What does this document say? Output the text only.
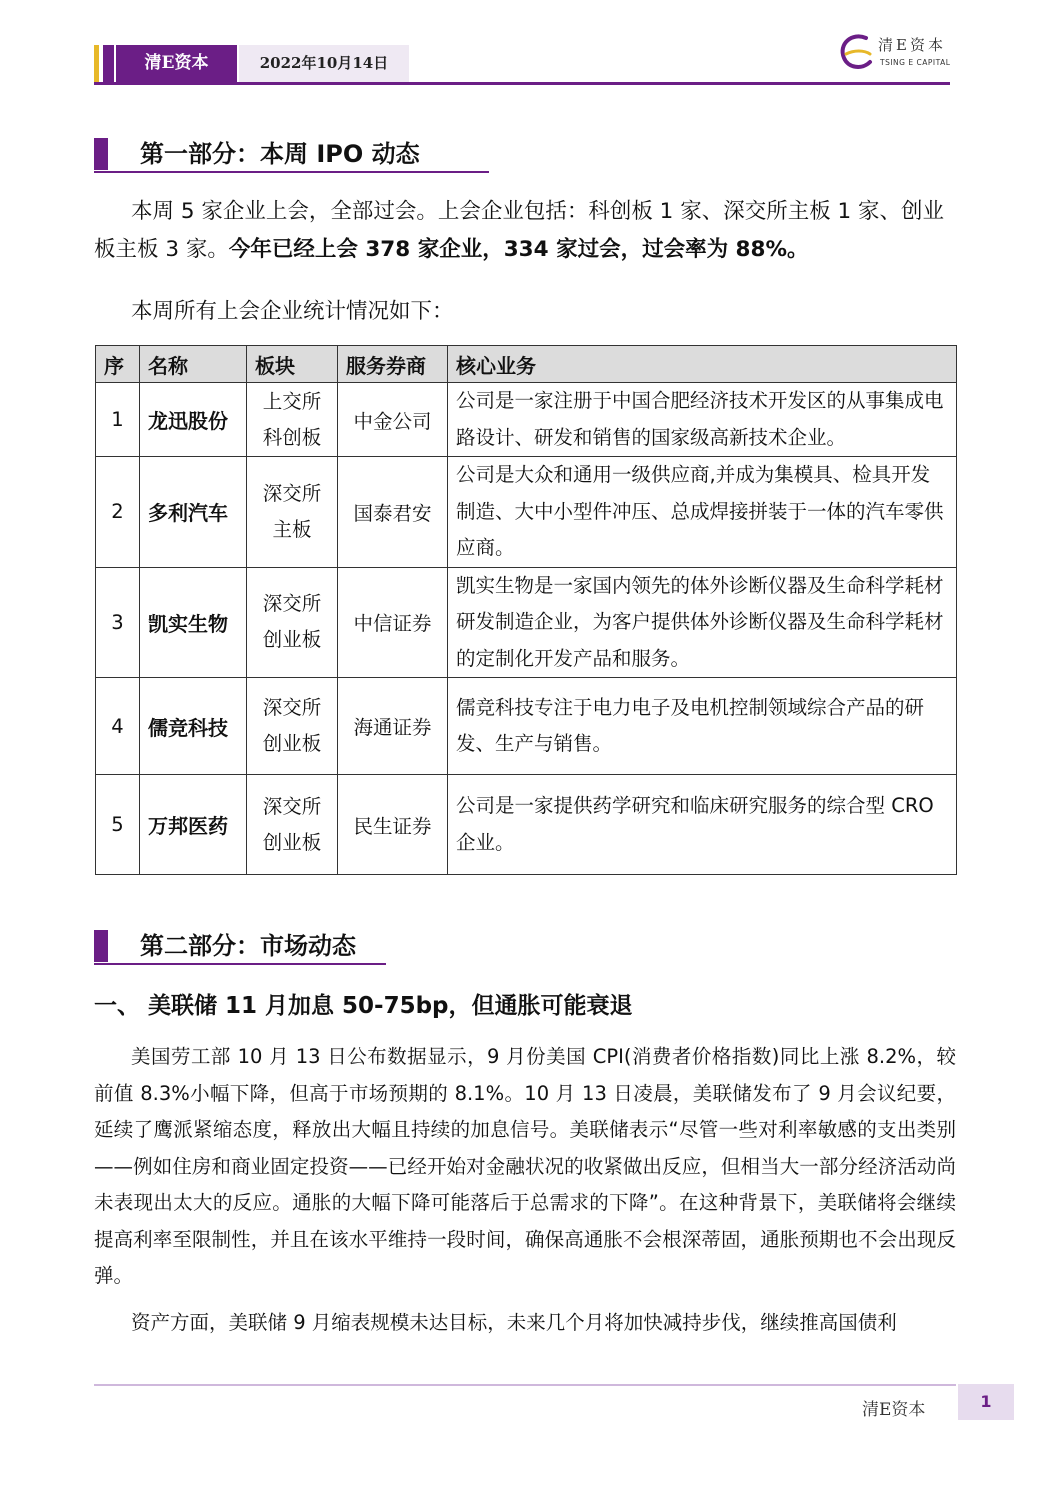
清E资本	2022年10月14日
清E资本
TSING E CAPITAL
第一部分：本周 IPO 动态

本周 5 家企业上会，全部过会。上会企业包括：科创板 1 家、深交所主板 1 家、创业板主板 3 家。今年已经上会 378 家企业，334 家过会，过会率为 88%。

本周所有上会企业统计情况如下：

序	名称	板块	服务券商	核心业务
1	龙迅股份	上交所科创板	中金公司	公司是一家注册于中国合肥经济技术开发区的从事集成电路设计、研发和销售的国家级高新技术企业。
2	多利汽车	深交所主板	国泰君安	公司是大众和通用一级供应商,并成为集模具、检具开发制造、大中小型件冲压、总成焊接拼装于一体的汽车零供应商。
3	凯实生物	深交所创业板	中信证券	凯实生物是一家国内领先的体外诊断仪器及生命科学耗材研发制造企业，为客户提供体外诊断仪器及生命科学耗材的定制化开发产品和服务。
4	儒竞科技	深交所创业板	海通证券	儒竞科技专注于电力电子及电机控制领域综合产品的研发、生产与销售。
5	万邦医药	深交所创业板	民生证券	公司是一家提供药学研究和临床研究服务的综合型 CRO 企业。
第二部分：市场动态
一、 美联储 11 月加息 50-75bp，但通胀可能衰退

美国劳工部 10 月 13 日公布数据显示，9 月份美国 CPI(消费者价格指数)同比上涨 8.2%，较前值 8.3%小幅下降，但高于市场预期的 8.1%。10 月 13 日凌晨，美联储发布了 9 月会议纪要，延续了鹰派紧缩态度，释放出大幅且持续的加息信号。美联储表示“尽管一些对利率敏感的支出类别——例如住房和商业固定投资——已经开始对金融状况的收紧做出反应，但相当大一部分经济活动尚未表现出太大的反应。通胀的大幅下降可能落后于总需求的下降”。在这种背景下，美联储将会继续提高利率至限制性，并且在该水平维持一段时间，确保高通胀不会根深蒂固，通胀预期也不会出现反弹。

资产方面，美联储 9 月缩表规模未达目标，未来几个月将加快减持步伐，继续推高国债利

清E资本	1
